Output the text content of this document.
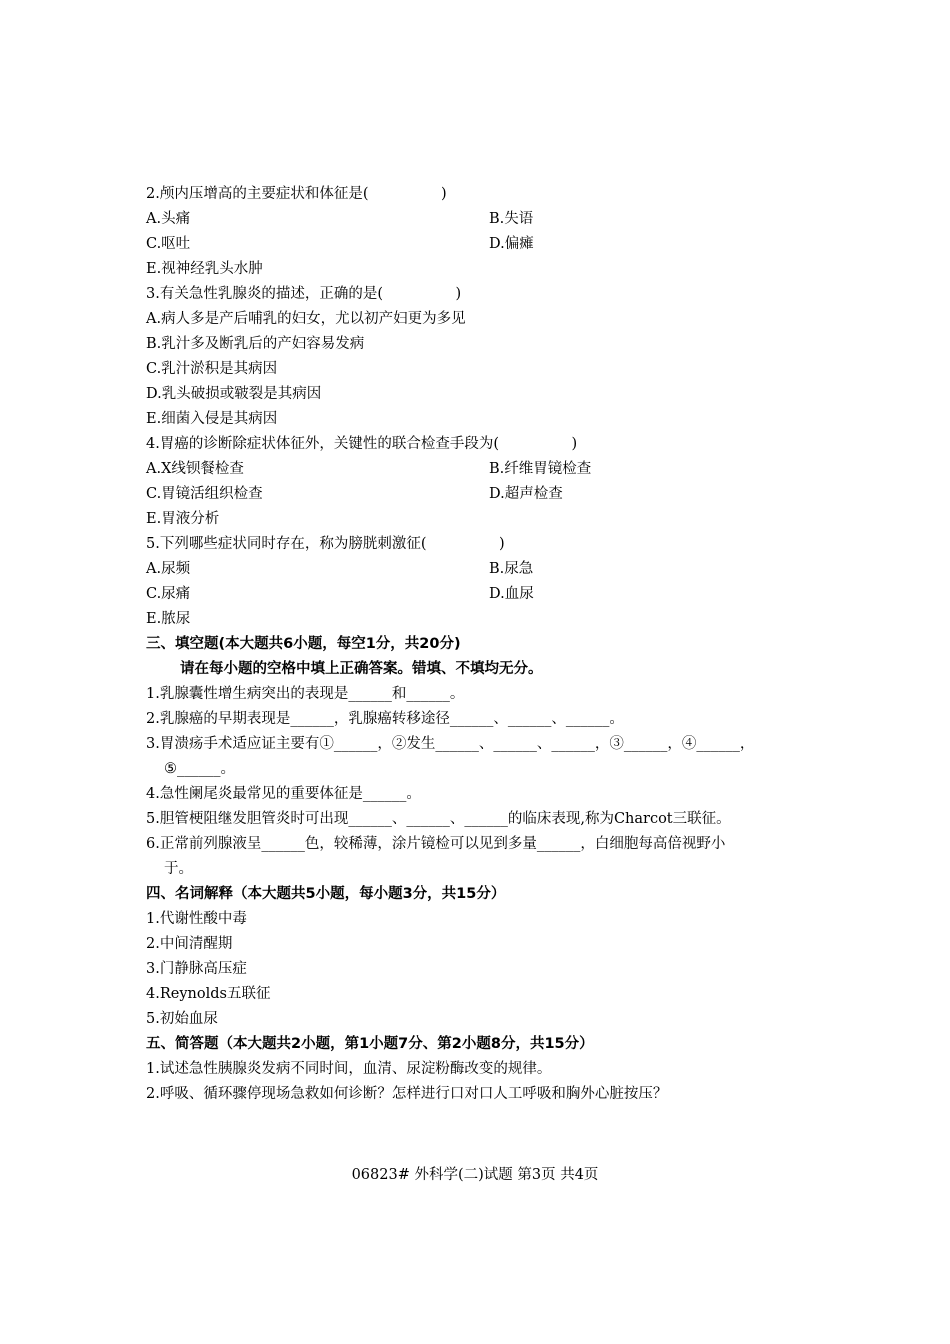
2.颅内压增高的主要症状和体征是(　　　　　)
A.头痛	B.失语
C.呕吐	D.偏瘫
E.视神经乳头水肿
3.有关急性乳腺炎的描述，正确的是(　　　　　)
A.病人多是产后哺乳的妇女，尤以初产妇更为多见
B.乳汁多及断乳后的产妇容易发病
C.乳汁淤积是其病因
D.乳头破损或皲裂是其病因
E.细菌入侵是其病因
4.胃癌的诊断除症状体征外，关键性的联合检查手段为(　　　　　)
A.X线钡餐检查	B.纤维胃镜检查
C.胃镜活组织检查	D.超声检查
E.胃液分析
5.下列哪些症状同时存在，称为膀胱刺激征(　　　　　)
A.尿频	B.尿急
C.尿痛	D.血尿
E.脓尿
三、填空题(本大题共6小题，每空1分，共20分)
请在每小题的空格中填上正确答案。错填、不填均无分。
1.乳腺囊性增生病突出的表现是______和______。
2.乳腺癌的早期表现是______，乳腺癌转移途径______、______、______。
3.胃溃疡手术适应证主要有①______，②发生______、______、______，③______，④______，
⑤______。
4.急性阑尾炎最常见的重要体征是______。
5.胆管梗阻继发胆管炎时可出现______、______、______的临床表现,称为Charcot三联征。
6.正常前列腺液呈______色，较稀薄，涂片镜检可以见到多量______，白细胞每高倍视野小
于。
四、名词解释（本大题共5小题，每小题3分，共15分）
1.代谢性酸中毒
2.中间清醒期
3.门静脉高压症
4.Reynolds五联征
5.初始血尿
五、简答题（本大题共2小题，第1小题7分、第2小题8分，共15分）
1.试述急性胰腺炎发病不同时间，血清、尿淀粉酶改变的规律。
2.呼吸、循环骤停现场急救如何诊断？怎样进行口对口人工呼吸和胸外心脏按压？
06823# 外科学(二)试题 第3页 共4页
